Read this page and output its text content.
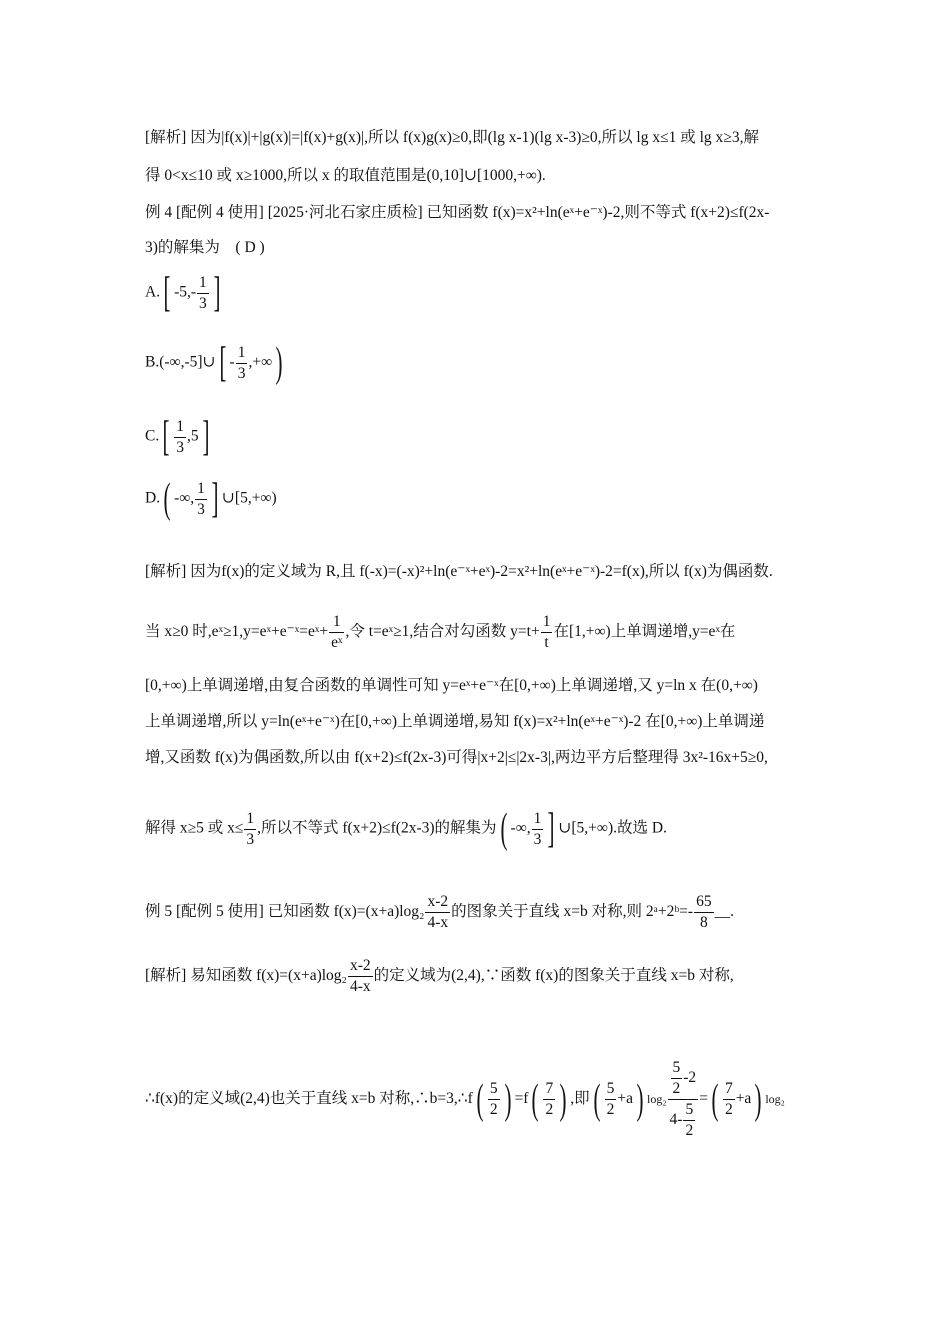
[解析] 因为|f(x)|+|g(x)|=|f(x)+g(x)|,所以 f(x)g(x)≥0,即(lg x-1)(lg x-3)≥0,所以 lg x≤1 或 lg x≥3,解
得 0<x≤10 或 x≥1000,所以 x 的取值范围是(0,10]∪[1000,+∞).
例 4 [配例 4 使用] [2025·河北石家庄质检] 已知函数 f(x)=x²+ln(eˣ+e⁻ˣ)-2,则不等式 f(x+2)≤f(2x-
3)的解集为　( D )
A.[ $-5,- \frac{1}{3}$ ]
B.(-∞,-5]∪[ - $\frac{1}{3}$ ,+∞)
$C.[ \frac{1}{3} ,5]$
D.( -∞, $\frac{1}{3}$ ] ∪[5,+∞)
[解析] 因为f(x)的定义域为 R,且 f(-x)=(-x)²+ln(e⁻ˣ+eˣ)-2=x²+ln(eˣ+e⁻ˣ)-2=f(x),所以 f(x)为偶函数.
当 x≥0 时,eˣ≥1,y=eˣ+e⁻ˣ=eˣ+ $\frac{1}{\text{eˣ}}$ ,令 t=eˣ≥1,结合对勾函数 $y=t+ \frac{1}{t}$ 在[1,+∞)上单调递增,y=eˣ在
[0,+∞)上单调递增,由复合函数的单调性可知 y=eˣ+e⁻ˣ在[0,+∞)上单调递增,又 y=ln x 在(0,+∞)
上单调递增,所以 y=ln(eˣ+e⁻ˣ)在[0,+∞)上单调递增,易知 f(x)=x²+ln(eˣ+e⁻ˣ)-2 在[0,+∞)上单调递
增,又函数 f(x)为偶函数,所以由 f(x+2)≤f(2x-3)可得|x+2|≤|2x-3|,两边平方后整理得 3x²-16x+5≥0,
解得 x≥5 或 $x\le \frac{1}{3}$ ,所以不等式 f(x+2)≤f(2x-3)的解集为( -∞, $\frac{1}{3}$ ] ∪[5,+∞).故选 D.
例 5 [配例 5 使用] 已知函数 $f(x)=(x+a)\log_2 \frac{x-2}{4-x}$ 的图象关于直线 x=b 对称,则 2ᵃ+2ᵇ=- $\frac{65}{8}$ __.
[解析] 易知函数 $f(x)=(x+a)\log_2 \frac{x-2}{4-x}$ 的定义域为(2,4),∵函数 f(x)的图象关于直线 x=b 对称,
∴f(x)的定义域(2,4)也关于直线 x=b 对称,∴b=3,∴f( $\frac{5}{2}$ ) $=f( \frac{7}{2}$ ) ,即( $\frac{5}{2} +a$) $\log_2 \frac{\frac{5}{2} -2}{4- \frac{5}{2}}$ =( $\frac{7}{2} +a$) log₂
